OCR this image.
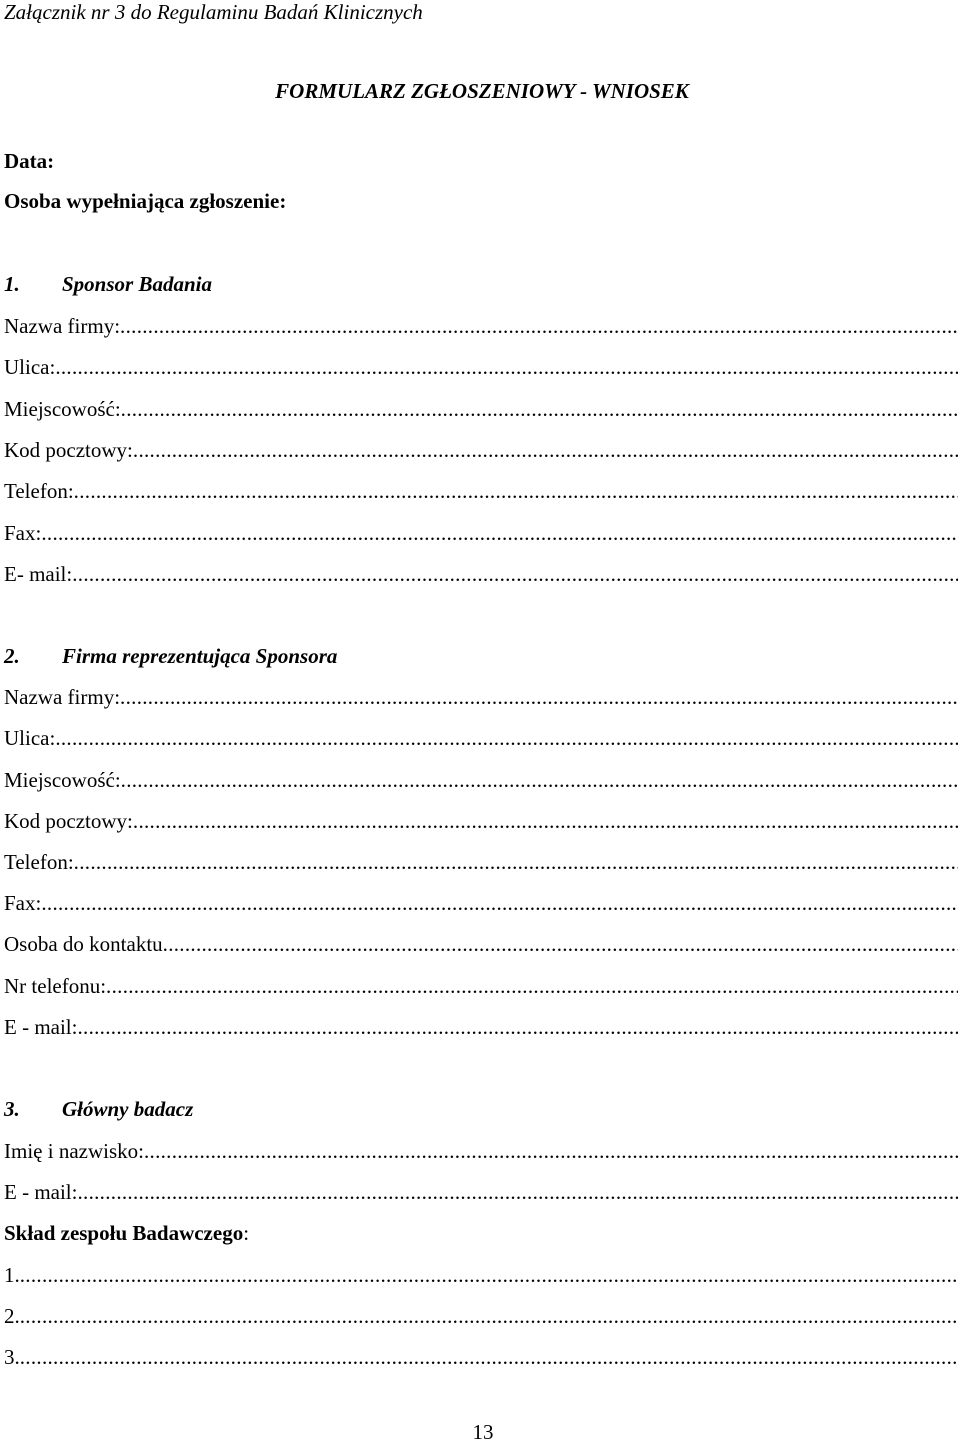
Załącznik nr 3 do Regulaminu Badań Klinicznych
FORMULARZ ZGŁOSZENIOWY - WNIOSEK
Data:
Osoba wypełniająca zgłoszenie:
1. Sponsor Badania
Nazwa firmy:
.....
Ulica:
.....
Miejscowość:
.....
Kod pocztowy:
.....
Telefon:
.....
Fax:
.....
E- mail:
.....
2. Firma reprezentująca Sponsora
Nazwa firmy:
.....
Ulica:
.....
Miejscowość:
.....
Kod pocztowy:
.....
Telefon:
.....
Fax:
.....
Osoba do kontaktu
.....
Nr telefonu:
.....
E - mail:
.....
3. Główny badacz
Imię i nazwisko:
.....
E - mail:
.....
Skład zespołu Badawczego:
1.
.....
2.
.....
3.
.....
13
